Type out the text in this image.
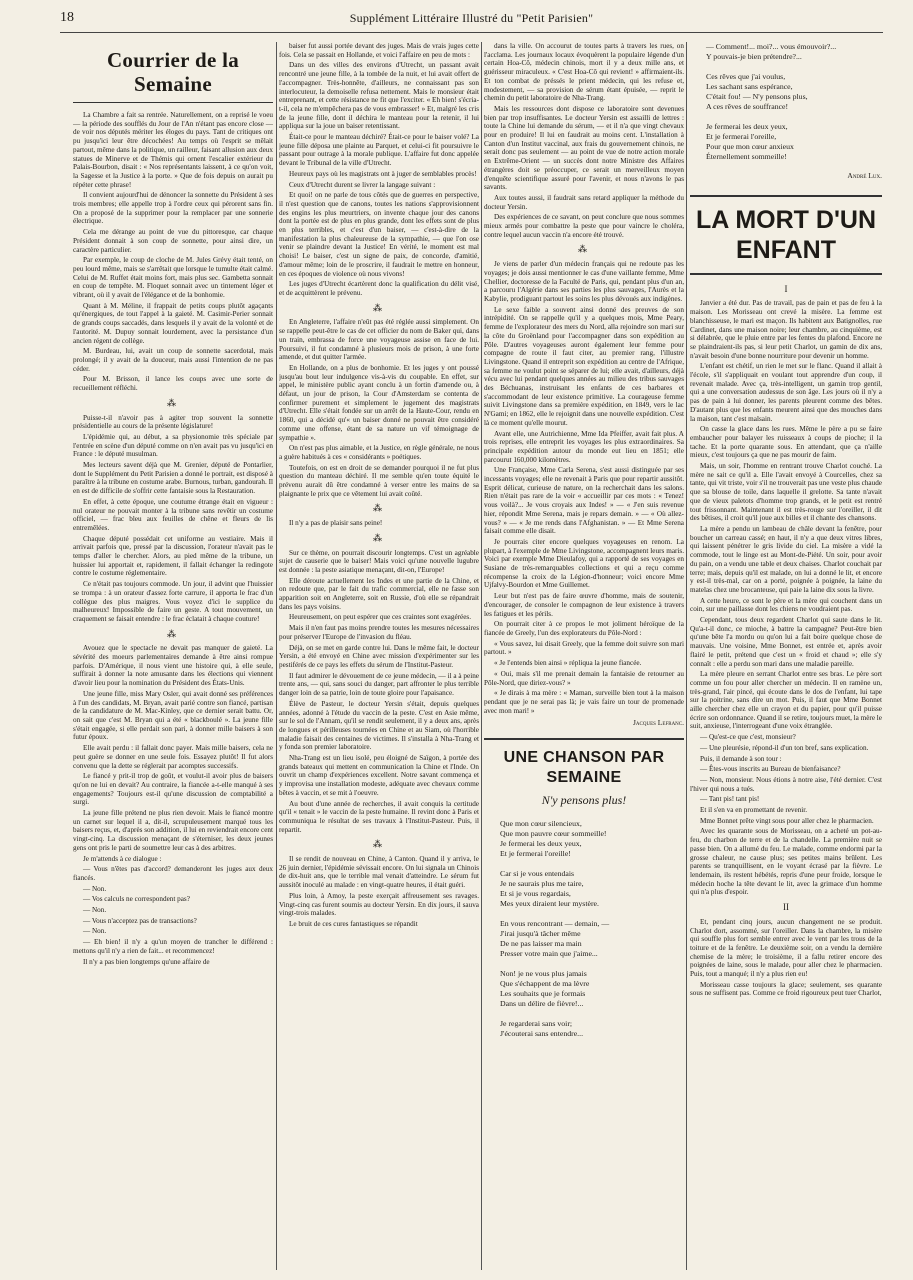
18	Supplément Littéraire Illustré du "Petit Parisien"
Courrier de la Semaine

La Chambre a fait sa rentrée. Naturellement, on a reprisé le voeu — la période des soufflés du Jour de l'An n'étant pas encore close — de voir nos députés mériter les éloges du pays. Tant de critiques ont pu jusqu'ici leur être décochées! Au temps où l'esprit se mêlait partout, même dans la politique, un railleur, faisant allusion aux deux statues de Minerve et de Thémis qui ornent l'escalier extérieur du Palais-Bourbon, disait : « Nos représentants laissent, à ce qu'on voit, la Sagesse et la Justice à la porte. » Que de fois depuis on aurait pu répéter cette phrase!

Il convient aujourd'hui de dénoncer la sonnette du Président à ses trois membres; elle appelle trop à l'ordre ceux qui pérorent sans fin. On a proposé de la supprimer pour la remplacer par une sonnerie électrique.

Cela me dérange au point de vue du pittoresque, car chaque Président donnait à son coup de sonnette, pour ainsi dire, un caractère particulier.

Par exemple, le coup de cloche de M. Jules Grévy était tenté, on peu lourd même, mais se s'arrêtait que lorsque le tumulte était calmé. Celui de M. Ruffet était moins fort, mais plus sec. Gambetta sonnait en coup de tempête. M. Floquet sonnait avec un tintement léger et vibrant, où il y avait de l'élégance et de la bonhomie.

Quant à M. Méline, il frappait de petits coups plutôt agaçants qu'énergiques, de tout l'appel à la gaieté. M. Casimir-Perier sonnait de grands coups saccadés, dans lesquels il y avait de la volonté et de l'autorité. M. Dupuy sonnait lourdement, avec la persistance d'un ancien régent de collège.

M. Burdeau, lui, avait un coup de sonnette sacerdotal, mais prolongé; il y avait de la douceur, mais aussi l'intention de ne pas céder.

Pour M. Brisson, il lance les coups avec une sorte de recueillement réfléchi.

⁂

Puisse-t-il n'avoir pas à agiter trop souvent la sonnette présidentielle au cours de la présente législature!

L'épidémie qui, au début, a sa physionomie très spéciale par l'entrée en scène d'un député comme on n'en avait pas vu jusqu'ici en France : le député musulman.

Mes lecteurs savent déjà que M. Grenier, député de Pontarlier, dont le Supplément du Petit Parisien a donné le portrait, est disposé à paraître à la tribune en costume arabe. Burnous, turban, gandourah. Il en est de difficile de s'offrir cette fantaisie sous la Restauration.

En effet, à cette époque, une coutume étrange était en vigueur : nul orateur ne pouvait monter à la tribune sans revêtir un costume officiel, — frac bleu aux feuilles de chêne et fleurs de lis entremêlées.

Chaque député possédait cet uniforme au vestiaire. Mais il arrivait parfois que, pressé par la discussion, l'orateur n'avait pas le temps d'aller le chercher. Alors, au pied même de la tribune, un huissier lui apportait et, rapidement, il fallait échanger la redingote contre le costume réglementaire.

Ce n'était pas toujours commode. Un jour, il advint que l'huissier se trompa : à un orateur d'assez forte carrure, il apporta le frac d'un collègue des plus maigres. Vous voyez d'ici le supplice du malheureux! Impossible de faire un geste. A tout mouvement, un craquement se faisait entendre : le frac éclatait à chaque couture!

⁂

Avouez que le spectacle ne devait pas manquer de gaieté. La sévérité des moeurs parlementaires demande à être ainsi rompue parfois. D'Amérique, il nous vient une histoire qui, à elle seule, suffirait à donner la note amusante dans les élections qui viennent d'avoir lieu pour la nomination du Président des États-Unis.

Une jeune fille, miss Mary Osler, qui avait donné ses préférences à l'un des candidats, M. Bryan, avait parié contre son fiancé, partisan de la candidature de M. Mac-Kinley, que ce dernier serait battu. Or, on sait que c'est M. Bryan qui a été « blackboulé ». La jeune fille s'était engagée, si elle perdait son pari, à donner mille baisers à son futur époux.

Elle avait perdu : il fallait donc payer. Mais mille baisers, cela ne peut guère se donner en une seule fois. Essayez plutôt! Il fut alors convenu que la dette se réglerait par acomptes successifs.

Le fiancé y prit-il trop de goût, et voulut-il avoir plus de baisers qu'on ne lui en devait? Au contraire, la fiancée a-t-elle manqué à ses engagements? Toujours est-il qu'une discussion de comptabilité a surgi.

La jeune fille prétend ne plus rien devoir. Mais le fiancé montre un carnet sur lequel il a, dit-il, scrupuleusement marqué tous les baisers reçus, et, d'après son addition, il lui en reviendrait encore cent vingt-cinq. La discussion menaçant de s'éterniser, les deux jeunes gens ont pris le parti de soumettre leur cas à des arbitres.

Je m'attends à ce dialogue :

— Vous n'êtes pas d'accord? demanderont les juges aux deux fiancés.

— Non.

— Vos calculs ne correspondent pas?

— Non.

— Vous n'acceptez pas de transactions?

— Non.

— Eh bien! il n'y a qu'un moyen de trancher le différend : mettons qu'il n'y a rien de fait... et recommencez!

Il n'y a pas bien longtemps qu'une affaire de

baiser fut aussi portée devant des juges. Mais de vrais juges cette fois. Cela se passait en Hollande, et voici l'affaire en peu de mots :

Dans un des villes des environs d'Utrecht, un passant avait rencontré une jeune fille, à la tombée de la nuit, et lui avait offert de l'accompagner. Très-honnête, d'ailleurs, ne connaissant pas son interlocuteur, la demoiselle refusa nettement. Mais le monsieur était entreprenant, et cette résistance ne fit que l'exciter. « Eh bien! s'écria-t-il, cela ne m'empêchera pas de vous embrasser! » Et, malgré les cris de la jeune fille, dont il déchira le manteau pour la retenir, il lui appliqua sur la joue un baiser retentissant.

Était-ce pour le manteau déchiré? Était-ce pour le baiser volé? La jeune fille déposa une plainte au Parquet, et celui-ci fit poursuivre le passant pour outrage à la morale publique. L'affaire fut donc appelée devant le Tribunal de la ville d'Utrecht.

Heureux pays où les magistrats ont à juger de semblables procès!

Ceux d'Utrecht durent se livrer la langage suivant :

Et quoi! on ne parle de tous côtés que de guerres en perspective, il n'est question que de canons, toutes les nations s'approvisionnent des engins les plus meurtriers, on invente chaque jour des canons dont la portée est de plus en plus grande, dont les effets sont de plus en plus terribles, et c'est d'un baiser, — c'est-à-dire de la manifestation la plus chaleureuse de la sympathie, — que l'on ose venir se plaindre devant la Justice! En vérité, le moment est mal choisi! Le baiser, c'est un signe de paix, de concorde, d'amitié, d'amour même; loin de le proscrire, il faudrait le mettre en honneur, en ces époques de violence où nous vivons!

Les juges d'Utrecht écartèrent donc la qualification du délit visé, et de acquittèrent le prévenu.

⁂

En Angleterre, l'affaire n'eût pas été réglée aussi simplement. On se rappelle peut-être le cas de cet officier du nom de Baker qui, dans un train, embrassa de force une voyageuse assise en face de lui. Poursuivi, il fut condamné à plusieurs mois de prison, à une forte amende, et dut quitter l'armée.

En Hollande, on a plus de bonhomie. Et les juges y ont poussé jusqu'au bout leur indulgence vis-à-vis du coupable. En effet, sur appel, le ministère public ayant conclu à un fortin d'amende ou, à défaut, un jour de prison, la Cour d'Amsterdam se contenta de confirmer purement et simplement le jugement des magistrats d'Utrecht. Elle s'était fondée sur un arrêt de la Haute-Cour, rendu en 1860, qui a décidé qu'« un baiser donné ne pouvait être considéré comme une offense, étant de sa nature un vif témoignage de sympathie ».

On n'est pas plus aimable, et la Justice, en règle générale, ne nous a guère habitués à ces « considérants » poétiques.

Toutefois, on est en droit de se demander pourquoi il ne fut plus question du manteau déchiré. Il me semble qu'en toute équité le prévenu aurait dû être condamné à verser entre les mains de sa plaignante le prix que ce vêtement lui avait coûté.

⁂

Il n'y a pas de plaisir sans peine!

⁂

Sur ce thème, on pourrait discourir longtemps. C'est un agréable sujet de causerie que le baiser! Mais voici qu'une nouvelle lugubre est donnée : la peste asiatique menaçant, dit-on, l'Europe!

Elle déroute actuellement les Indes et une partie de la Chine, et on redoute que, par le fait du trafic commercial, elle ne fasse son apparition soit en Angleterre, soit en Russie, d'où elle se répandrait dans les pays voisins.

Heureusement, on peut espérer que ces craintes sont exagérées.

Mais il n'en faut pas moins prendre toutes les mesures nécessaires pour préserver l'Europe de l'invasion du fléau.

Déjà, on se met en garde contre lui. Dans le même fait, le docteur Yersin, a été envoyé en Chine avec mission d'expérimenter sur les pestiférés de ce pays les effets du sérum de l'Institut-Pasteur.

Il faut admirer le dévouement de ce jeune médecin, — il a à peine trente ans, — qui, sans souci du danger, part affronter le plus terrible danger loin de sa patrie, loin de toute gloire pour l'apaisance.

Élève de Pasteur, le docteur Yersin s'était, depuis quelques années, adonné à l'étude du vaccin de la peste. C'est en Asie même, sur le sol de l'Annam, qu'il se rendit seulement, il y a deux ans, après de longues et périlleuses tournées en Chine et au Siam, où l'horrible maladie faisait des centaines de victimes. Il s'installa à Nha-Trang et y fonda son premier laboratoire.

Nha-Trang est un lieu isolé, peu éloigné de Saïgon, à portée des grands bateaux qui mettent en communication la Chine et l'Inde. On ouvrit un champ d'expériences excellent. Notre savant commença et y improvisa une installation modeste, adéquate avec chevaux comme bêtes à vaccin, et se mit à l'oeuvre.

Au bout d'une année de recherches, il avait conquis la certitude qu'il « tenait » le vaccin de la peste humaine. Il revint donc à Paris et communiqua le résultat de ses travaux à l'Institut-Pasteur. Puis, il repartit.

⁂

Il se rendit de nouveau en Chine, à Canton. Quand il y arriva, le 26 juin dernier, l'épidémie sévissait encore. On lui signala un Chinois de dix-huit ans, que le terrible mal venait d'atteindre. Le sérum fut aussitôt inoculé au malade : en vingt-quatre heures, il était guéri.

Plus loin, à Amoy, la peste exerçait affreusement ses ravages. Vingt-cinq cas furent soumis au docteur Yersin. En dix jours, il sauva vingt-trois malades.

Le bruit de ces cures fantastiques se répandit

dans la ville. On accourut de toutes parts à travers les rues, on l'acclama. Les journaux locaux évoquèrent la populaire légende d'un certain Hoa-Cô, médecin chinois, mort il y a deux mille ans, et guérisseur miraculeux. « C'est Hoa-Cô qui revient! » affirmaient-ils. Et ton combat de préssés le prient médecin, qui les refuse et, modestement, — sa provision de sérum étant épuisée, — reprit le chemin du petit laboratoire de Nha-Trang.

Mais les ressources dont dispose ce laboratoire sont devenues bien par trop insuffisantes. Le docteur Yersin est assailli de lettres : toute la Chine lui demande du sérum, — et il n'a que vingt chevaux pour en produire! Il lui en faudrait au moins cent. L'installation à Canton d'un Institut vaccinal, aux frais du gouvernement chinois, ne serait donc pas seulement — au point de vue de notre action morale en Extrême-Orient — un succès dont notre Ministre des Affaires étrangères doit se préoccuper, ce serait un merveilleux moyen d'enquête scientifique assuré pour l'avenir, et nous n'avons le pas savants.

Aux toutes aussi, il faudrait sans retard appliquer la méthode du docteur Yersin.

Des expériences de ce savant, on peut conclure que nous sommes mieux armés pour combattre la peste que pour vaincre le choléra, contre lequel aucun vaccin n'a encore été trouvé.

⁂

Je viens de parler d'un médecin français qui ne redoute pas les voyages; je dois aussi mentionner le cas d'une vaillante femme, Mme Chellier, doctoresse de la Faculté de Paris, qui, pendant plus d'un an, a parcouru l'Algérie dans ses parties les plus sauvages, l'Aurès et la Kabylie, prodiguant partout les soins les plus dévoués aux indigènes.

Le sexe faible a souvent ainsi donné des preuves de son intrépidité. On se rappelle qu'il y a quelques mois, Mme Peary, femme de l'explorateur des mers du Nord, alla rejoindre son mari sur la côte du Groënland pour l'accompagner dans son expédition au Pôle. D'autres voyageuses auront également leur femme pour compagne de route il faut citer, au premier rang, l'illustre Livingstone. Quand il entreprit son expédition au centre de l'Afrique, sa femme ne voulut point se séparer de lui; elle avait, d'ailleurs, déjà vécu avec lui pendant quelques années au milieu des tribus sauvages des Béchuanas, instruisant les enfants de ces barbares et s'accommodant de leur existence primitive. La courageuse femme suivit Livingstone dans sa première expédition, en 1849, vers le lac N'Gami; en 1862, elle le rejoignit dans une nouvelle expédition. C'est là ce moment qu'elle mourut.

Avant elle, une Autrichienne, Mme Ida Pfeiffer, avait fait plus. A trois reprises, elle entreprit les voyages les plus extraordinaires. Sa principale expédition autour du monde eut lieu en 1851; elle parcourut 160,000 kilomètres.

Une Française, Mme Carla Serena, s'est aussi distinguée par ses incessants voyages; elle ne revenait à Paris que pour repartir aussitôt. Esprit délicat, curieuse de nature, on la recherchait dans les salons. Rien n'était pas rare de la voir « accueillir par ces mots : « Tenez! vous voilà?... Je vous croyais aux Indes! » — « J'en suis revenue hier, répondit Mme Serena, mais je repars demain. » — « Où allez-vous? » — « Je me rends dans l'Afghanistan. » — Et Mme Serena faisait comme elle disait.

Je pourrais citer encore quelques voyageuses en renom. La plupart, à l'exemple de Mme Livingstone, accompagnent leurs maris. Voici par exemple Mme Dieulafoy, qui a rapporté de ses voyages en Susiane de très-remarquables collections et qui a reçu comme récompense la croix de la Légion-d'honneur; voici encore Mme Ujfalvy-Bourdon et Mme Guillemet.

Leur but n'est pas de faire œuvre d'homme, mais de soutenir, d'encourager, de consoler le compagnon de leur existence à travers les fatigues et les périls.

On pourrait citer à ce propos le mot joliment héroïque de la fiancée de Greely, l'un des explorateurs du Pôle-Nord :

« Vous savez, lui disait Greely, que la femme doit suivre son mari partout. »

« Je l'entends bien ainsi » répliqua la jeune fiancée.

« Oui, mais s'il me prenait demain la fantaisie de retourner au Pôle-Nord, que diriez-vous? »

« Je dirais à ma mère : « Maman, surveille bien tout à la maison pendant que je ne serai pas là; je vais faire un tour de promenade avec mon mari! »

Jacques Lefranc.
UNE CHANSON PAR SEMAINE
N'y pensons plus!
Que mon cœur silencieux,
Que mon pauvre cœur sommeille!
Je fermerai les deux yeux,
Et je fermerai l'oreille!
Car si je vous entendais
Je ne saurais plus me taire,
Et si je vous regardais,
Mes yeux diraient leur mystère.
En vous rencontrant — demain, —
J'irai jusqu'à tâcher même
De ne pas laisser ma main
Presser votre main que j'aime...
Non! je ne vous plus jamais
Que s'échappent de ma lèvre
Les souhaits que je formais
Dans un délire de fièvre!...
Je regarderai sans voir;
J'écouterai sans entendre...
— Comment!... moi?... vous émouvoir?...
Y pouvais-je bien prétendre?...
Ces rêves que j'ai voulus,
Les sachant sans espérance,
C'était fou! — N'y pensons plus,
A ces rêves de souffrance!
Je fermerai les deux yeux,
Et je fermerai l'oreille,
Pour que mon cœur anxieux
Éternellement sommeille!
André Lux.
LA MORT D'UN ENFANT
I

Janvier a été dur. Pas de travail, pas de pain et pas de feu à la maison. Les Morisseau ont crevé la misère. La femme est blanchisseuse, le mari est maçon. Ils habitent aux Batignolles, rue Cardinet, dans une maison noire; leur chambre, au cinquième, est si délabrée, que le pluie entre par les fentes du plafond. Encore ne se plaindraient-ils pas, si leur petit Charlot, un gamin de dix ans, n'avait besoin d'une bonne nourriture pour devenir un homme.

L'enfant est chétif, un rien le met sur le flanc. Quand il allait à l'école, s'il s'appliquait en voulant tout apprendre d'un coup, il revenait malade. Avec ça, très-intelligent, un gamin trop gentil, qui a une conversation audessus de son âge. Les jours où il n'y a pas de pain à lui donner, les parents pleurent comme des bêtes. D'autant plus que les enfants meurent ainsi que des mouches dans la maison, tant c'est malsain.

On casse la glace dans les rues. Même le père a pu se faire embaucher pour balayer les ruisseaux à coups de pioche; il la tache. Et la porte quarante sous. En attendant, que ça n'aille mieux, c'est toujours ça que ne pas mourir de faim.

Mais, un soir, l'homme en rentrant trouve Charlot couché. La mère ne sait ce qu'il a. Elle l'avait envoyé à Courcelles, chez sa tante, qui vit triste, voir s'il ne trouverait pas une veste plus chaude que sa blouse de toile, dans laquelle il grelotte. Sa tante n'avait que de vieux paletots d'homme trop grands, et le petit est rentré tout frissonnant. Maintenant il est très-rouge sur l'oreiller, il dit des bêtises, il croit qu'il joue aux billes et il chante des chansons.

La mère a pendu un lambeau de châle devant la fenêtre, pour boucher un carreau cassé; en haut, il n'y a que deux vitres libres, qui laissent pénétrer le gris livide du ciel. La misère a vidé la commode, tout le linge est au Mont-de-Piété. Un soir, pour avoir du pain, on a vendu une table et deux chaises. Charlot couchait par terre; mais, depuis qu'il est malade, on lui a donné le lit, et encore y est-il très-mal, car on a porté, poignée à poignée, la laine du matelas chez une brocanteuse, qui paie la laine dix sous la livre.

A cette heure, ce sont le père et la mère qui couchent dans un coin, sur une paillasse dont les chiens ne voudraient pas.

Cependant, tous deux regardent Charlot qui saute dans le lit. Qu'a-t-il donc, ce mioche, à battre la campagne? Peut-être bien qu'une bête l'a mordu ou qu'on lui a fait boire quelque chose de mauvais. Une voisine, Mme Bonnet, est entrée et, après avoir flairé le petit, prétend que c'est un « froid et chaud »; elle s'y connaît : elle a perdu son mari dans une maladie pareille.

La mère pleure en serrant Charlot entre ses bras. Le père sort comme un fou pour aller chercher un médecin. Il en ramène un, très-grand, l'air pincé, qui écoute dans le dos de l'enfant, lui tape sur la poitrine, sans dire un mot. Puis, il faut que Mme Bonnet aille chercher chez elle un crayon et du papier, pour qu'il puisse écrire son ordonnance. Quand il se retire, toujours muet, la mère le suit, anxieuse, l'interrogeant d'une voix étranglée.

— Qu'est-ce que c'est, monsieur?

— Une pleurésie, répond-il d'un ton bref, sans explication.

Puis, il demande à son tour :

— Êtes-vous inscrits au Bureau de bienfaisance?

— Non, monsieur. Nous étions à notre aise, l'été dernier. C'est l'hiver qui nous a tués.

— Tant pis! tant pis!

Et il s'en va en promettant de revenir.

Mme Bonnet prête vingt sous pour aller chez le pharmacien.

Avec les quarante sous de Morisseau, on a acheté un pot-au-feu, du charbon de terre et de la chandelle. La première nuit se passe bien. On a allumé du feu. Le malade, comme endormi par la grosse chaleur, ne cause plus; ses petites mains brûlent. Les parents se tranquillisent, en le voyant écrasé par la fièvre. Le lendemain, ils restent hébétés, repris d'une peur froide, lorsque le médecin hoche la tête devant le lit, avec la grimace d'un homme qui n'a plus d'espoir.

II

Et, pendant cinq jours, aucun changement ne se produit. Charlot dort, assommé, sur l'oreiller. Dans la chambre, la misère qui souffle plus fort semble entrer avec le vent par les trous de la toiture et de la fenêtre. Le deuxième soir, on a vendu la dernière chemise de la mère; le troisième, il a fallu retirer encore des poignées de laine, sous le malade, pour aller chez le pharmacien. Puis, tout a manqué; il n'y a plus rien eu!

Morisseau casse toujours la glace; seulement, ses quarante sous ne suffisent pas. Comme ce froid rigoureux peut tuer Charlot,
